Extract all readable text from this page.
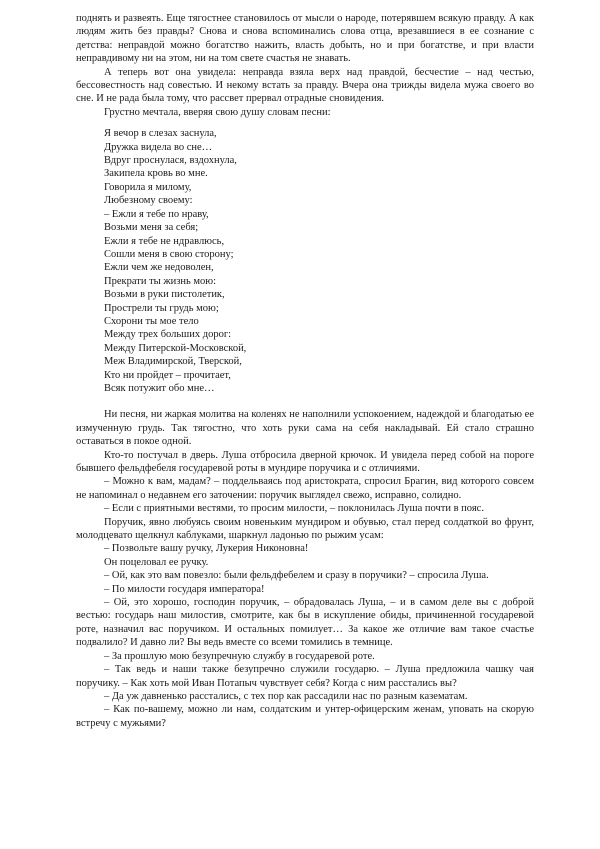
поднять и развеять. Еще тягостнее становилось от мысли о народе, потерявшем всякую правду. А как людям жить без правды? Снова и снова вспоминались слова отца, врезавшиеся в ее сознание с детства: неправдой можно богатство нажить, власть добыть, но и при богатстве, и при власти неправдивому ни на этом, ни на том свете счастья не знавать.

А теперь вот она увидела: неправда взяла верх над правдой, бесчестие – над честью, бессовестность над совестью. И некому встать за правду. Вчера она трижды видела мужа своего во сне. И не рада была тому, что рассвет прервал отрадные сновидения.

Грустно мечтала, вверяя свою душу словам песни:

Я вечор в слезах заснула,
Дружка видела во сне…
Вдруг проснулася, вздохнула,
Закипела кровь во мне.
Говорила я милому,
Любезному своему:
– Ежли я тебе по нраву,
Возьми меня за себя;
Ежли я тебе не ндравлюсь,
Сошли меня в свою сторону;
Ежли чем же недоволен,
Прекрати ты жизнь мою:
Возьми в руки пистолетик,
Прострели ты грудь мою;
Схорони ты мое тело
Между трех больших дорог:
Между Питерской-Московской,
Меж Владимирской, Тверской,
Кто ни пройдет – прочитает,
Всяк потужит обо мне…

Ни песня, ни жаркая молитва на коленях не наполнили успокоением, надеждой и благодатью ее измученную грудь. Так тягостно, что хоть руки сама на себя накладывай. Ей стало страшно оставаться в покое одной.

Кто-то постучал в дверь. Луша отбросила дверной крючок. И увидела перед собой на пороге бывшего фельдфебеля государевой роты в мундире поручика и с отличиями.

– Можно к вам, мадам? – поддельваясь под аристократа, спросил Брагин, вид которого совсем не напоминал о недавнем его заточении: поручик выглядел свежо, исправно, солидно.

– Если с приятными вестями, то просим милости, – поклонилась Луша почти в пояс.

Поручик, явно любуясь своим новеньким мундиром и обувью, стал перед солдаткой во фрунт, молодцевато щелкнул каблуками, шаркнул ладонью по рыжим усам:

– Позвольте вашу ручку, Лукерия Никоновна!

Он поцеловал ее ручку.

– Ой, как это вам повезло: были фельдфебелем и сразу в поручики? – спросила Луша.

– По милости государя императора!

– Ой, это хорошо, господин поручик, – обрадовалась Луша, – и в самом деле вы с доброй вестью: государь наш милостив, смотрите, как бы в искупление обиды, причиненной государевой роте, назначил вас поручиком. И остальных помилует… За какое же отличие вам такое счастье подвалило? И давно ли? Вы ведь вместе со всеми томились в темнице.

– За прошлую мою безупречную службу в государевой роте.

– Так ведь и наши также безупречно служили государю. – Луша предложила чашку чая поручику. – Как хоть мой Иван Потапыч чувствует себя? Когда с ним расстались вы?

– Да уж давненько расстались, с тех пор как рассадили нас по разным казематам.

– Как по-вашему, можно ли нам, солдатским и унтер-офицерским женам, уповать на скорую встречу с мужьями?
